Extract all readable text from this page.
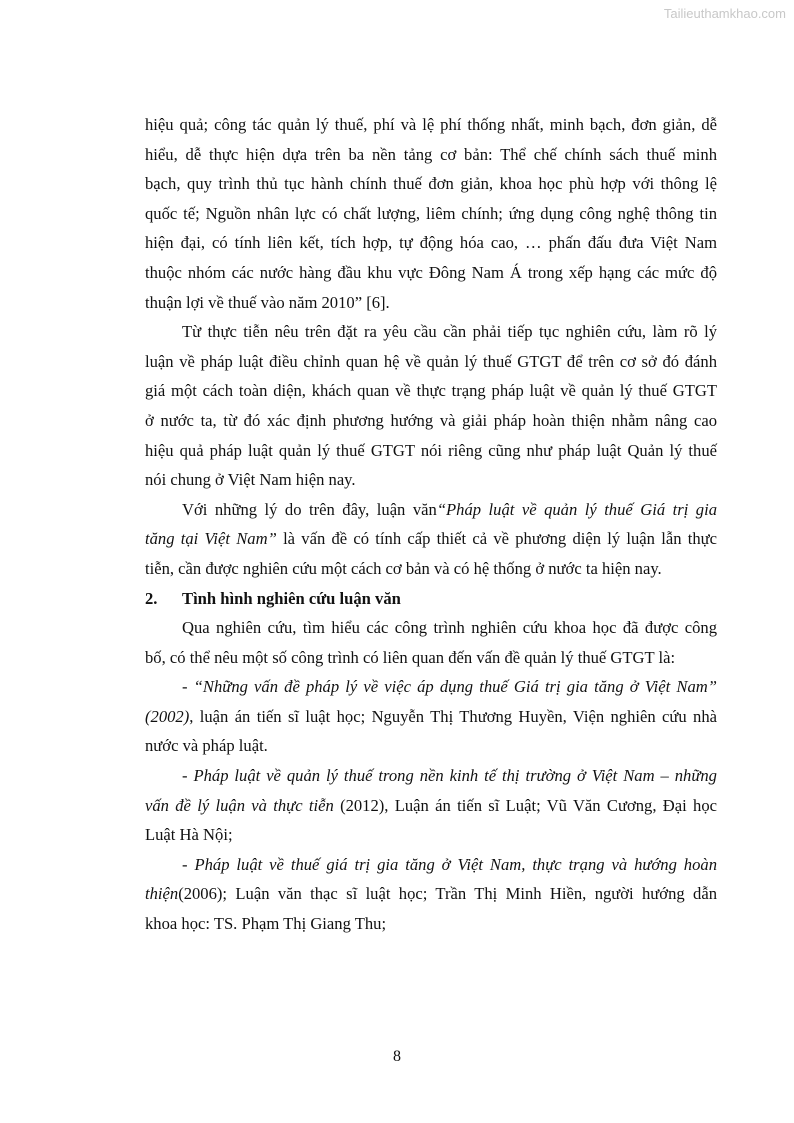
Tailieuthamkhao.com

hiệu quả; công tác quản lý thuế, phí và lệ phí thống nhất, minh bạch, đơn giản, dễ

hiểu, dễ thực hiện dựa trên ba nền tảng cơ bản: Thể chế chính sách thuế minh

bạch, quy trình thủ tục hành chính thuế đơn giản, khoa học phù hợp với thông lệ

quốc tế; Nguồn nhân lực có chất lượng, liêm chính; ứng dụng công nghệ thông tin

hiện đại, có tính liên kết, tích hợp, tự động hóa cao, … phấn đấu đưa Việt Nam

thuộc nhóm các nước hàng đầu khu vực Đông Nam Á trong xếp hạng các mức độ

thuận lợi về thuế vào năm 2010” [6].

Từ thực tiễn nêu trên đặt ra yêu cầu cần phải tiếp tục nghiên cứu, làm rõ lý

luận về pháp luật điều chỉnh quan hệ về quản lý thuế GTGT để trên cơ sở đó đánh

giá một cách toàn diện, khách quan về thực trạng pháp luật về quản lý thuế GTGT

ở nước ta, từ đó xác định phương hướng và giải pháp hoàn thiện nhằm nâng cao

hiệu quả pháp luật quản lý thuế GTGT nói riêng cũng như pháp luật Quản lý thuế

nói chung ở Việt Nam hiện nay.

Với những lý do trên đây, luận văn“Pháp luật về quản lý thuế Giá trị gia

tăng tại Việt Nam” là vấn đề có tính cấp thiết cả về phương diện lý luận lẫn thực

tiễn, cần được nghiên cứu một cách cơ bản và có hệ thống ở nước ta hiện nay.

2. Tình hình nghiên cứu luận văn

Qua nghiên cứu, tìm hiểu các công trình nghiên cứu khoa học đã được công

bố, có thể nêu một số công trình có liên quan đến vấn đề quản lý thuế GTGT là:

- “Những vấn đề pháp lý về việc áp dụng thuế Giá trị gia tăng ở Việt Nam”

(2002), luận án tiến sĩ luật học; Nguyễn Thị Thương Huyền, Viện nghiên cứu nhà

nước và pháp luật.

- Pháp luật về quản lý thuế trong nền kinh tế thị trường ở Việt Nam – những

vấn đề lý luận và thực tiễn (2012), Luận án tiến sĩ Luật; Vũ Văn Cương, Đại học

Luật Hà Nội;

- Pháp luật về thuế giá trị gia tăng ở Việt Nam, thực trạng và hướng hoàn

thiện(2006); Luận văn thạc sĩ luật học; Trần Thị Minh Hiền, người hướng dẫn

khoa học: TS. Phạm Thị Giang Thu;

8
